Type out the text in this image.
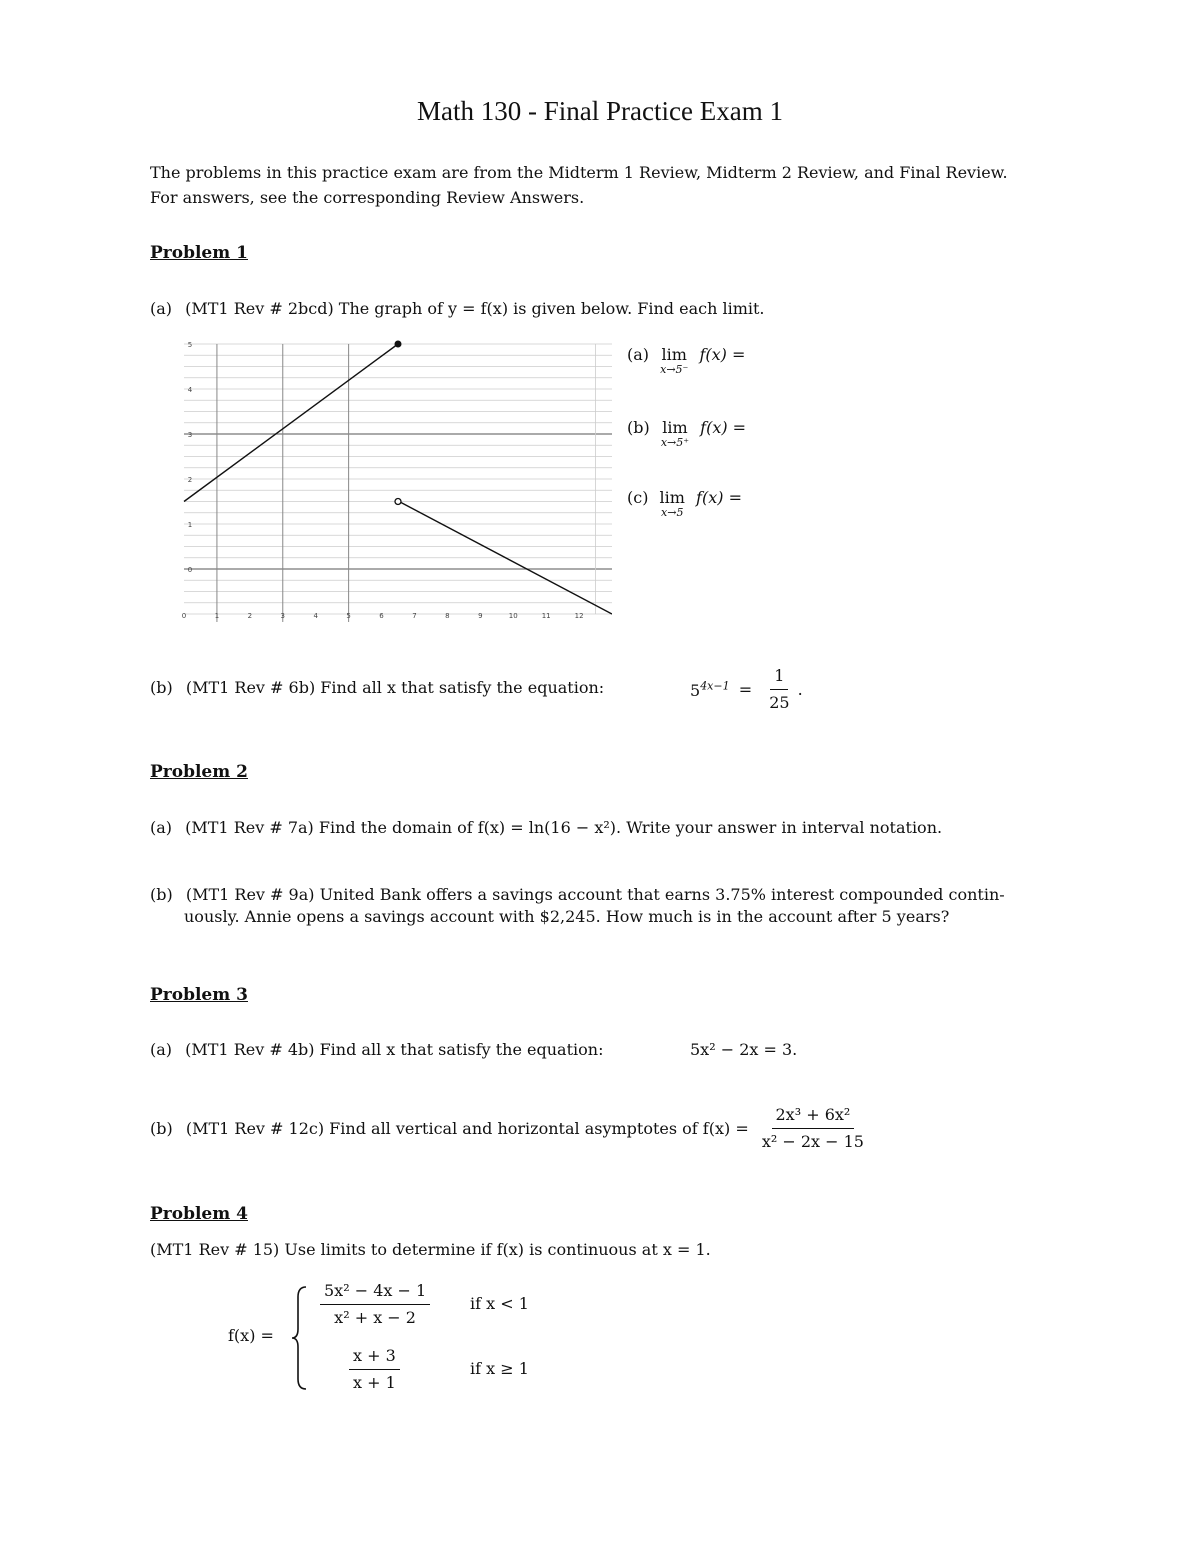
Math 130 - Final Practice Exam 1
The problems in this practice exam are from the Midterm 1 Review, Midterm 2 Review, and Final Review.
For answers, see the corresponding Review Answers.
Problem 1
(a) (MT1 Rev # 2bcd) The graph of y = f(x) is given below. Find each limit.
0	1	2	3	4	5	6	7	8	9	10	11	12
5
4
3
2
1
0
(a) lim
x→5⁻
f(x) =
(b) lim
x→5⁺
f(x) =
(c) lim
x→5
f(x) =
(b) (MT1 Rev # 6b) Find all x that satisfy the equation:	$5^{4x-1} = \frac{1}{25}$ .
Problem 2
(a) (MT1 Rev # 7a) Find the domain of f(x) = ln(16 − x²). Write your answer in interval notation.
(b) (MT1 Rev # 9a) United Bank offers a savings account that earns 3.75% interest compounded contin-
uously. Annie opens a savings account with $2,245. How much is in the account after 5 years?
Problem 3
(a) (MT1 Rev # 4b) Find all x that satisfy the equation:	5x² − 2x = 3.
(b) (MT1 Rev # 12c) Find all vertical and horizontal asymptotes of $f(x) = \frac{\text{2x³ + 6x²}}{\text{x² − 2x − 15}}$
Problem 4
(MT1 Rev # 15) Use limits to determine if f(x) is continuous at x = 1.
f(x) =
$\frac{\text{5x² − 4x − 1}}{\text{x² + x − 2}}$ if x < 1
$\frac{x + 3}{x + 1}$	if x ≥ 1
